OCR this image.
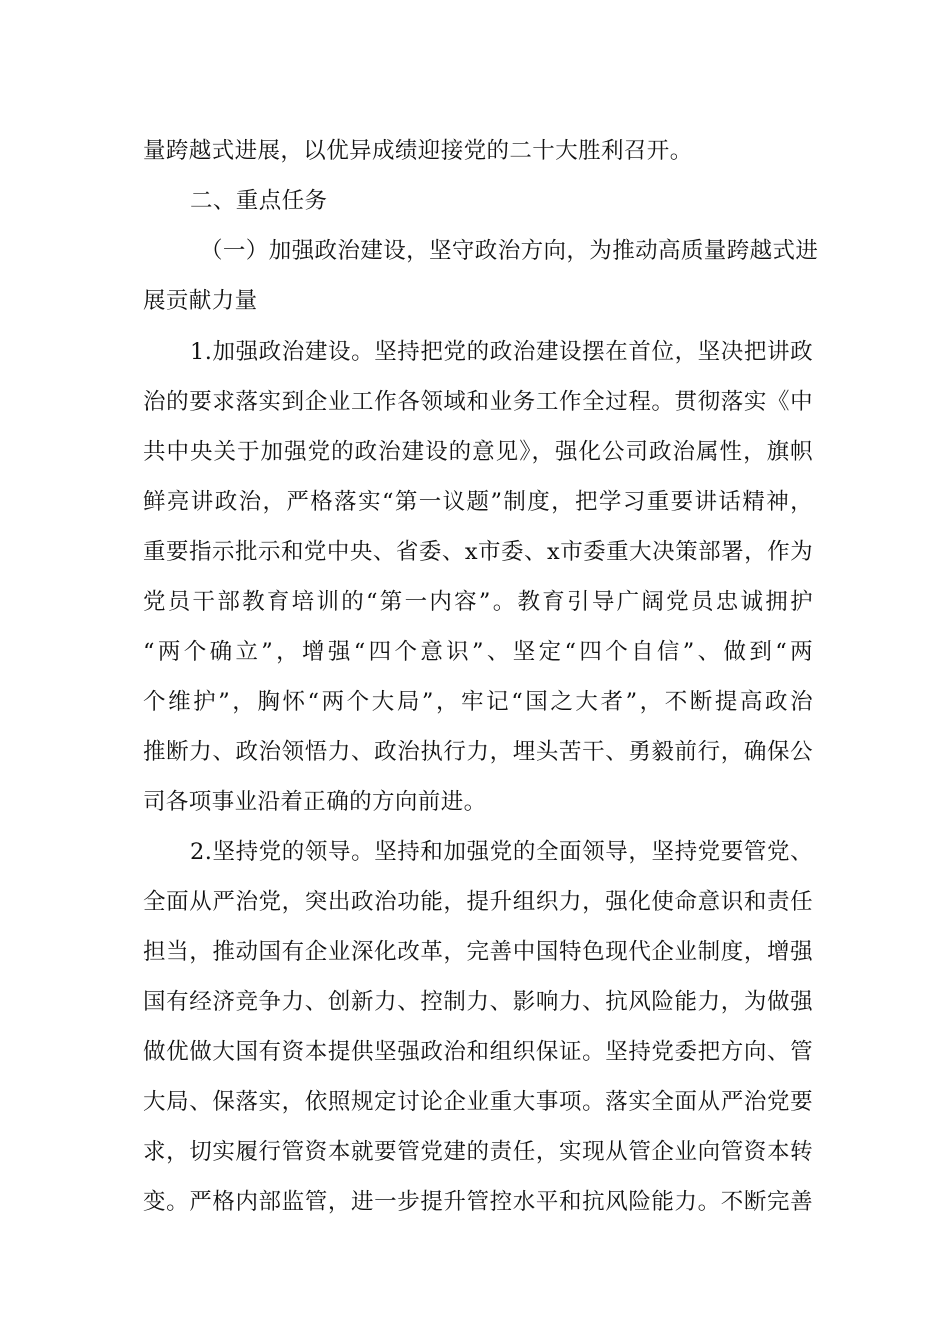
量跨越式进展，以优异成绩迎接党的二十大胜利召开。
二、重点任务
（一）加强政治建设，坚守政治方向，为推动高质量跨越式进
展贡献力量
1.加强政治建设。坚持把党的政治建设摆在首位，坚决把讲政
治的要求落实到企业工作各领域和业务工作全过程。贯彻落实《中
共中央关于加强党的政治建设的意见》，强化公司政治属性，旗帜
鲜亮讲政治，严格落实“第一议题”制度，把学习重要讲话精神，
重要指示批示和党中央、省委、x市委、x市委重大决策部署，作为
党员干部教育培训的“第一内容”。教育引导广阔党员忠诚拥护
“两个确立”，增强“四个意识”、坚定“四个自信”、做到“两
个维护”，胸怀“两个大局”，牢记“国之大者”，不断提高政治
推断力、政治领悟力、政治执行力，埋头苦干、勇毅前行，确保公
司各项事业沿着正确的方向前进。
2.坚持党的领导。坚持和加强党的全面领导，坚持党要管党、
全面从严治党，突出政治功能，提升组织力，强化使命意识和责任
担当，推动国有企业深化改革，完善中国特色现代企业制度，增强
国有经济竞争力、创新力、控制力、影响力、抗风险能力，为做强
做优做大国有资本提供坚强政治和组织保证。坚持党委把方向、管
大局、保落实，依照规定讨论企业重大事项。落实全面从严治党要
求，切实履行管资本就要管党建的责任，实现从管企业向管资本转
变。严格内部监管，进一步提升管控水平和抗风险能力。不断完善
